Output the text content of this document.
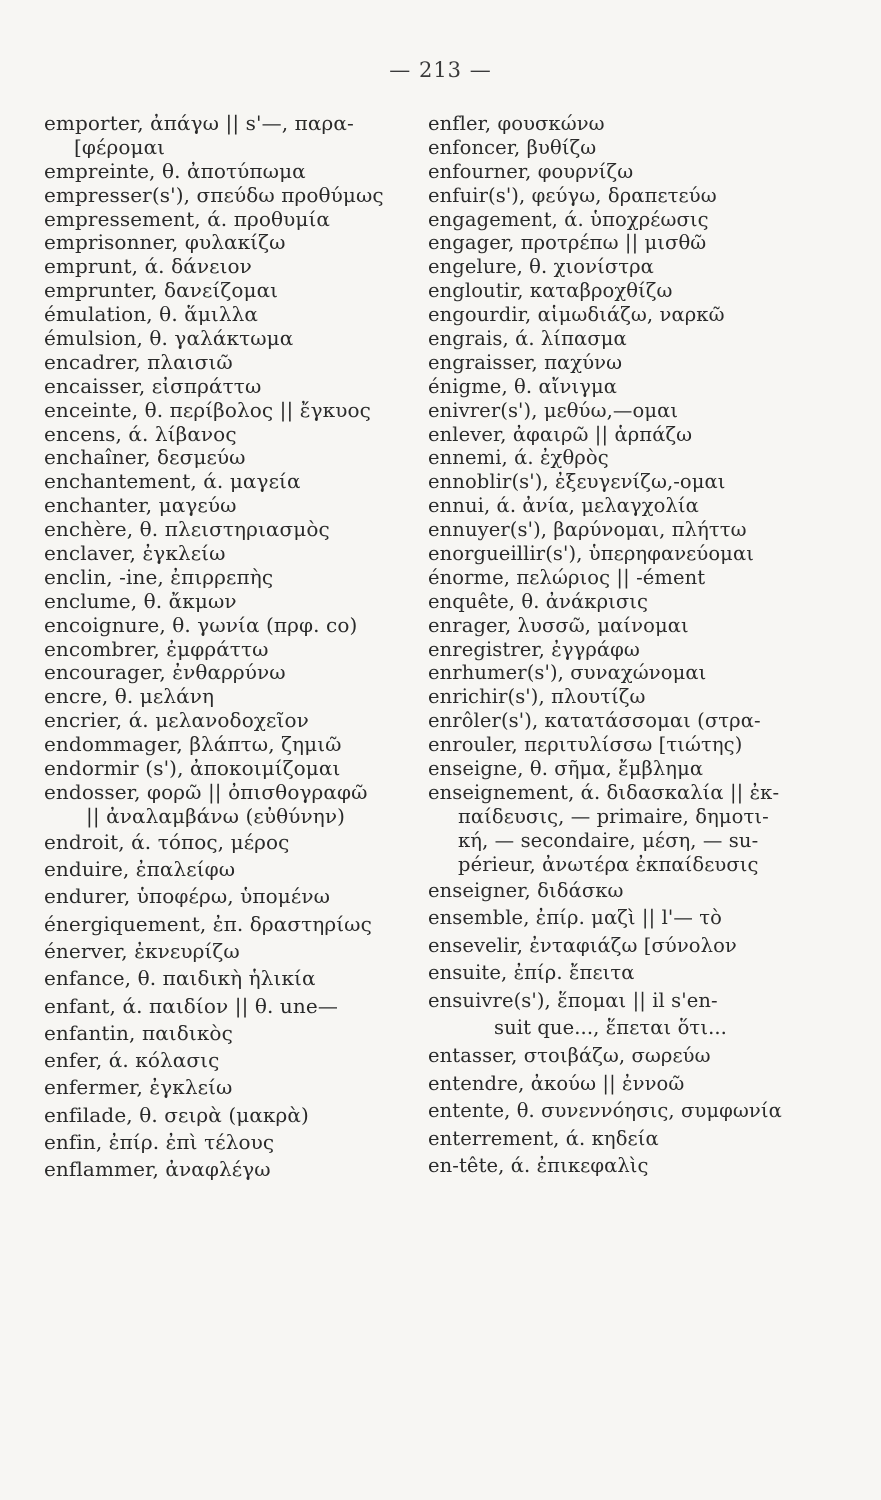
— 213 —
emporter, ἀπάγω || s'—, παρα-
[φέρομαι
empreinte, θ. ἀποτύπωμα
empresser(s'), σπεύδω προθύμως
empressement, ά. προθυμία
emprisonner, φυλακίζω
emprunt, ά. δάνειον
emprunter, δανείζομαι
émulation, θ. ἅμιλλα
émulsion, θ. γαλάκτωμα
encadrer, πλαισιῶ
encaisser, εἰσπράττω
enceinte, θ. περίβολος || ἔγκυος
encens, ά. λίβανος
enchaîner, δεσμεύω
enchantement, ά. μαγεία
enchanter, μαγεύω
enchère, θ. πλειστηριασμὸς
enclaver, ἐγκλείω
enclin, -ine, ἐπιρρεπὴς
enclume, θ. ἄκμων
encoignure, θ. γωνία (πρφ. co)
encombrer, ἐμφράττω
encourager, ἐνθαρρύνω
encre, θ. μελάνη
encrier, ά. μελανοδοχεῖον
endommager, βλάπτω, ζημιῶ
endormir (s'), ἀποκοιμίζομαι
endosser, φορῶ || ὀπισθογραφῶ
|| ἀναλαμβάνω (εὐθύνην)
endroit, ά. τόπος, μέρος
enduire, ἐπαλείφω
endurer, ὑποφέρω, ὑπομένω
énergiquement, ἐπ. δραστηρίως
énerver, ἐκνευρίζω
enfance, θ. παιδικὴ ἡλικία
enfant, ά. παιδίον || θ. une—
enfantin, παιδικὸς
enfer, ά. κόλασις
enfermer, ἐγκλείω
enfilade, θ. σειρὰ (μακρὰ)
enfin, ἐπίρ. ἐπὶ τέλους
enflammer, ἀναφλέγω
enfler, φουσκώνω
enfoncer, βυθίζω
enfourner, φουρνίζω
enfuir(s'), φεύγω, δραπετεύω
engagement, ά. ὑποχρέωσις
engager, προτρέπω || μισθῶ
engelure, θ. χιονίστρα
engloutir, καταβροχθίζω
engourdir, αἱμωδιάζω, ναρκῶ
engrais, ά. λίπασμα
engraisser, παχύνω
énigme, θ. αἴνιγμα
enivrer(s'), μεθύω,—ομαι
enlever, ἀφαιρῶ || ἁρπάζω
ennemi, ά. ἐχθρὸς
ennoblir(s'), ἐξευγενίζω,-ομαι
ennui, ά. ἀνία, μελαγχολία
ennuyer(s'), βαρύνομαι, πλήττω
enorgueillir(s'), ὑπερηφανεύομαι
énorme, πελώριος || -ément
enquête, θ. ἀνάκρισις
enrager, λυσσῶ, μαίνομαι
enregistrer, ἐγγράφω
enrhumer(s'), συναχώνομαι
enrichir(s'), πλουτίζω
enrôler(s'), κατατάσσομαι (στρα-
enrouler, περιτυλίσσω [τιώτης)
enseigne, θ. σῆμα, ἔμβλημα
enseignement, ά. διδασκαλία || ἐκ-
παίδευσις, — primaire, δημοτι-
κή, — secondaire, μέση, — su-
périeur, ἀνωτέρα ἐκπαίδευσις
enseigner, διδάσκω
ensemble, ἐπίρ. μαζὶ || l'— τὸ
ensevelir, ἐνταφιάζω [σύνολον
ensuite, ἐπίρ. ἔπειτα
ensuivre(s'), ἕπομαι || il s'en-
suit que..., ἕπεται ὅτι...
entasser, στοιβάζω, σωρεύω
entendre, ἀκούω || ἐννοῶ
entente, θ. συνεννόησις, συμφωνία
enterrement, ά. κηδεία
en-tête, ά. ἐπικεφαλὶς
